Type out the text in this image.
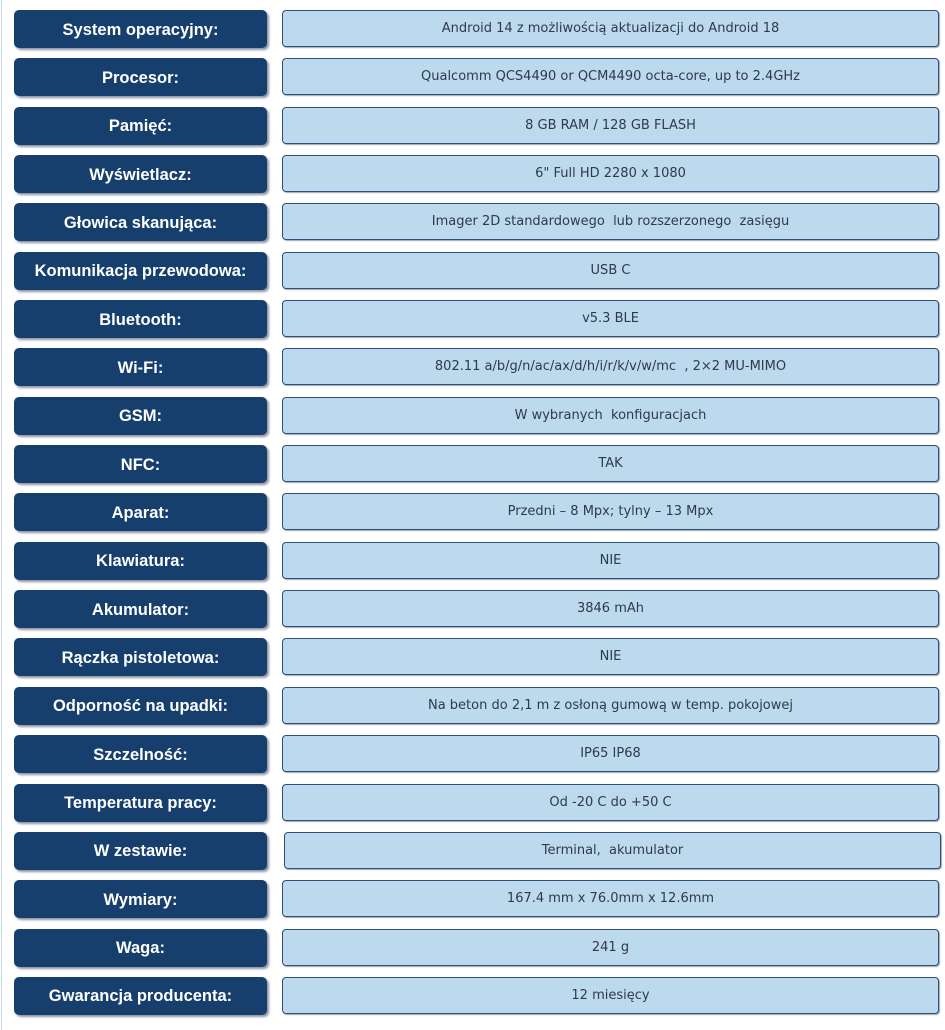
System operacyjny:	Android 14 z możliwością aktualizacji do Android 18
Procesor:	Qualcomm QCS4490 or QCM4490 octa-core, up to 2.4GHz
Pamięć:	8 GB RAM / 128 GB FLASH
Wyświetlacz:	6" Full HD 2280 x 1080
Głowica skanująca:	Imager 2D standardowego  lub rozszerzonego  zasięgu
Komunikacja przewodowa:	USB C
Bluetooth:	v5.3 BLE
Wi-Fi:	802.11 a/b/g/n/ac/ax/d/h/i/r/k/v/w/mc  , 2×2 MU-MIMO
GSM:	W wybranych  konfiguracjach
NFC:	TAK
Aparat:	Przedni – 8 Mpx; tylny – 13 Mpx
Klawiatura:	NIE
Akumulator:	3846 mAh
Rączka pistoletowa:	NIE
Odporność na upadki:	Na beton do 2,1 m z osłoną gumową w temp. pokojowej
Szczelność:	IP65 IP68
Temperatura pracy:	Od -20 C do +50 C
W zestawie:	Terminal,  akumulator
Wymiary:	167.4 mm x 76.0mm x 12.6mm
Waga:	241 g
Gwarancja producenta:	12 miesięcy
